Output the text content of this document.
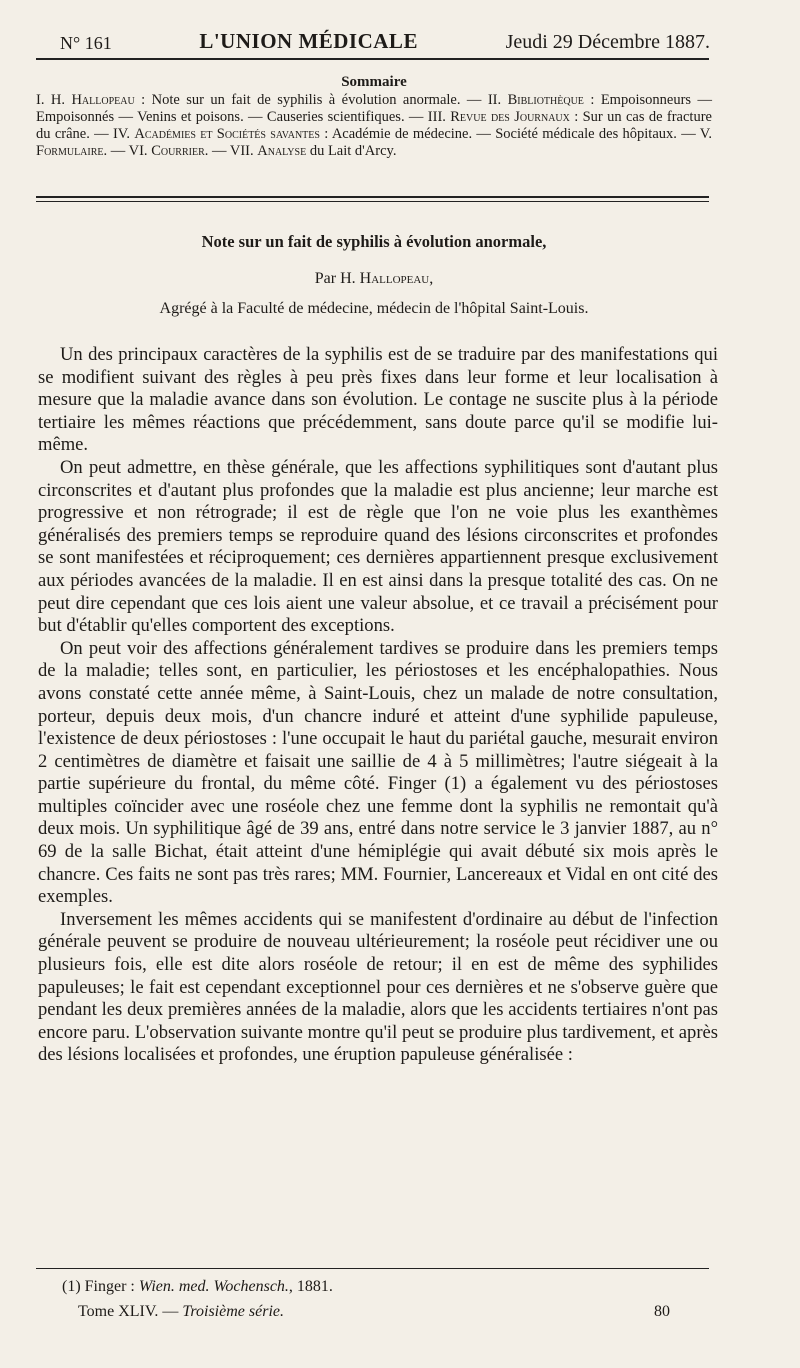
N° 161	L'UNION MÉDICALE	Jeudi 29 Décembre 1887.
Sommaire
I. H. Hallopeau : Note sur un fait de syphilis à évolution anormale. — II. Bibliothèque : Empoisonneurs — Empoisonnés — Venins et poisons. — Causeries scientifiques. — III. Revue des Journaux : Sur un cas de fracture du crâne. — IV. Académies et Sociétés savantes : Académie de médecine. — Société médicale des hôpitaux. — V. Formulaire. — VI. Courrier. — VII. Analyse du Lait d'Arcy.
Note sur un fait de syphilis à évolution anormale,
Par H. Hallopeau,
Agrégé à la Faculté de médecine, médecin de l'hôpital Saint-Louis.

Un des principaux caractères de la syphilis est de se traduire par des manifestations qui se modifient suivant des règles à peu près fixes dans leur forme et leur localisation à mesure que la maladie avance dans son évolution. Le contage ne suscite plus à la période tertiaire les mêmes réactions que précédemment, sans doute parce qu'il se modifie lui-même.

On peut admettre, en thèse générale, que les affections syphilitiques sont d'autant plus circonscrites et d'autant plus profondes que la maladie est plus ancienne; leur marche est progressive et non rétrograde; il est de règle que l'on ne voie plus les exanthèmes généralisés des premiers temps se reproduire quand des lésions circonscrites et profondes se sont manifestées et réciproquement; ces dernières appartiennent presque exclusivement aux périodes avancées de la maladie. Il en est ainsi dans la presque totalité des cas. On ne peut dire cependant que ces lois aient une valeur absolue, et ce travail a précisément pour but d'établir qu'elles comportent des exceptions.

On peut voir des affections généralement tardives se produire dans les premiers temps de la maladie; telles sont, en particulier, les périostoses et les encéphalopathies. Nous avons constaté cette année même, à Saint-Louis, chez un malade de notre consultation, porteur, depuis deux mois, d'un chancre induré et atteint d'une syphilide papuleuse, l'existence de deux périostoses : l'une occupait le haut du pariétal gauche, mesurait environ 2 centimètres de diamètre et faisait une saillie de 4 à 5 millimètres; l'autre siégeait à la partie supérieure du frontal, du même côté. Finger (1) a également vu des périostoses multiples coïncider avec une roséole chez une femme dont la syphilis ne remontait qu'à deux mois. Un syphilitique âgé de 39 ans, entré dans notre service le 3 janvier 1887, au n° 69 de la salle Bichat, était atteint d'une hémiplégie qui avait débuté six mois après le chancre. Ces faits ne sont pas très rares; MM. Fournier, Lancereaux et Vidal en ont cité des exemples.

Inversement les mêmes accidents qui se manifestent d'ordinaire au début de l'infection générale peuvent se produire de nouveau ultérieurement; la roséole peut récidiver une ou plusieurs fois, elle est dite alors roséole de retour; il en est de même des syphilides papuleuses; le fait est cependant exceptionnel pour ces dernières et ne s'observe guère que pendant les deux premières années de la maladie, alors que les accidents tertiaires n'ont pas encore paru. L'observation suivante montre qu'il peut se produire plus tardivement, et après des lésions localisées et profondes, une éruption papuleuse généralisée :

(1) Finger : Wien. med. Wochensch., 1881.
Tome XLIV. — Troisième série.	80
